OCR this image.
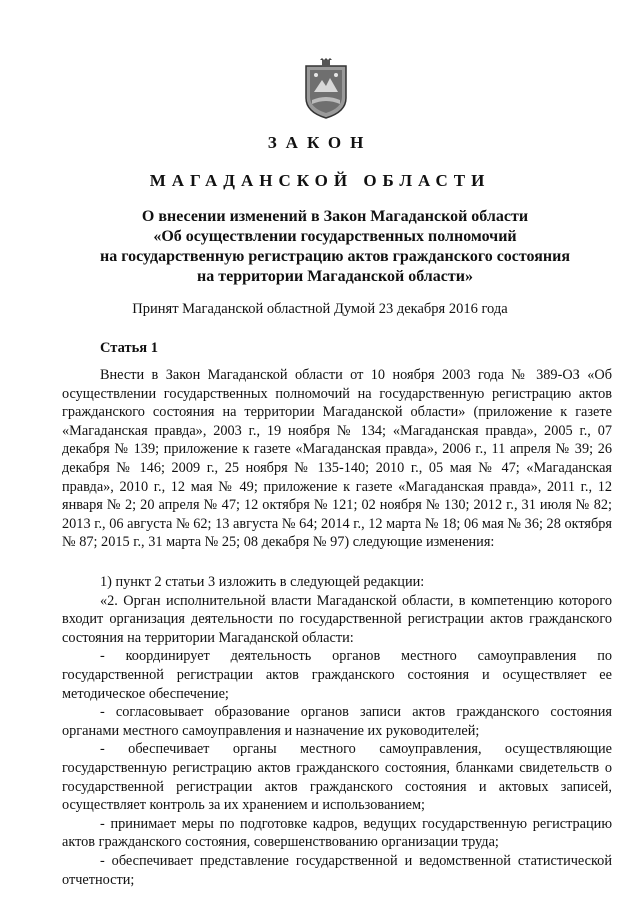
ЗАКОН
МАГАДАНСКОЙ ОБЛАСТИ
О внесении изменений в Закон Магаданской области
«Об осуществлении государственных полномочий
на государственную регистрацию актов гражданского состояния
на территории Магаданской области»
Принят Магаданской областной Думой 23 декабря 2016 года
Статья 1

Внести в Закон Магаданской области от 10 ноября 2003 года № 389-ОЗ «Об осуществлении государственных полномочий на государственную регистрацию актов гражданского состояния на территории Магаданской области» (приложение к газете «Магаданская правда», 2003 г., 19 ноября № 134; «Магаданская правда», 2005 г., 07 декабря № 139; приложение к газете «Магаданская правда», 2006 г., 11 апреля № 39; 26 декабря № 146; 2009 г., 25 ноября № 135-140; 2010 г., 05 мая № 47; «Магаданская правда», 2010 г., 12 мая № 49; приложение к газете «Магаданская правда», 2011 г., 12 января № 2; 20 апреля № 47; 12 октября № 121; 02 ноября № 130; 2012 г., 31 июля № 82; 2013 г., 06 августа № 62; 13 августа № 64; 2014 г., 12 марта № 18; 06 мая № 36; 28 октября № 87; 2015 г., 31 марта № 25; 08 декабря № 97) следующие изменения:

1) пункт 2 статьи 3 изложить в следующей редакции:

«2. Орган исполнительной власти Магаданской области, в компетенцию которого входит организация деятельности по государственной регистрации актов гражданского состояния на территории Магаданской области:

- координирует деятельность органов местного самоуправления по государственной регистрации актов гражданского состояния и осуществляет ее методическое обеспечение;

- согласовывает образование органов записи актов гражданского состояния органами местного самоуправления и назначение их руководителей;

- обеспечивает органы местного самоуправления, осуществляющие государственную регистрацию актов гражданского состояния, бланками свидетельств о государственной регистрации актов гражданского состояния и актовых записей, осуществляет контроль за их хранением и использованием;

- принимает меры по подготовке кадров, ведущих государственную регистрацию актов гражданского состояния, совершенствованию организации труда;

- обеспечивает представление государственной и ведомственной статистической отчетности;
